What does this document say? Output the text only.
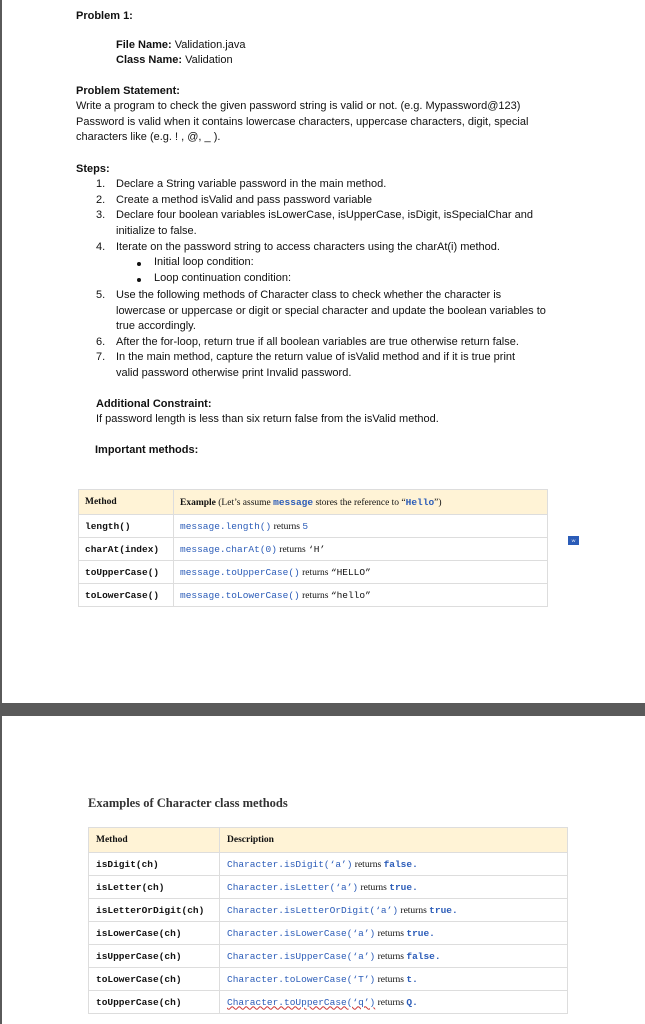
Problem 1:
File Name: Validation.java
Class Name: Validation
Problem Statement:
Write a program to check the given password string is valid or not. (e.g. Mypassword@123)
Password is valid when it contains lowercase characters, uppercase characters, digit, special
characters like (e.g. ! , @, _ ).
Steps:
1. Declare a String variable password in the main method.
2. Create a method isValid and pass password variable
3. Declare four boolean variables isLowerCase, isUpperCase, isDigit, isSpecialChar and
initialize to false.
4. Iterate on the password string to access characters using the charAt(i) method.
Initial loop condition:
Loop continuation condition:
5. Use the following methods of Character class to check whether the character is
lowercase or uppercase or digit or special character and update the boolean variables to
true accordingly.
6. After the for-loop, return true if all boolean variables are true otherwise return false.
7. In the main method, capture the return value of isValid method and if it is true print
valid password otherwise print Invalid password.
Additional Constraint:
If password length is less than six return false from the isValid method.
Important methods:
Method	Example (Let’s assume message stores the reference to “Hello”)
length()	message.length() returns 5
charAt(index)	message.charAt(0) returns ‘H’
toUpperCase()	message.toUpperCase() returns “HELLO”
toLowerCase()	message.toLowerCase() returns “hello”
W
Examples of Character class methods
Method	Description
isDigit(ch)	Character.isDigit(‘a’) returns false.
isLetter(ch)	Character.isLetter(‘a’) returns true.
isLetterOrDigit(ch)	Character.isLetterOrDigit(‘a’) returns true.
isLowerCase(ch)	Character.isLowerCase(‘a’) returns true.
isUpperCase(ch)	Character.isUpperCase(‘a’) returns false.
toLowerCase(ch)	Character.toLowerCase(‘T’) returns t.
toUpperCase(ch)	Character.toUpperCase(‘q’) returns Q.
